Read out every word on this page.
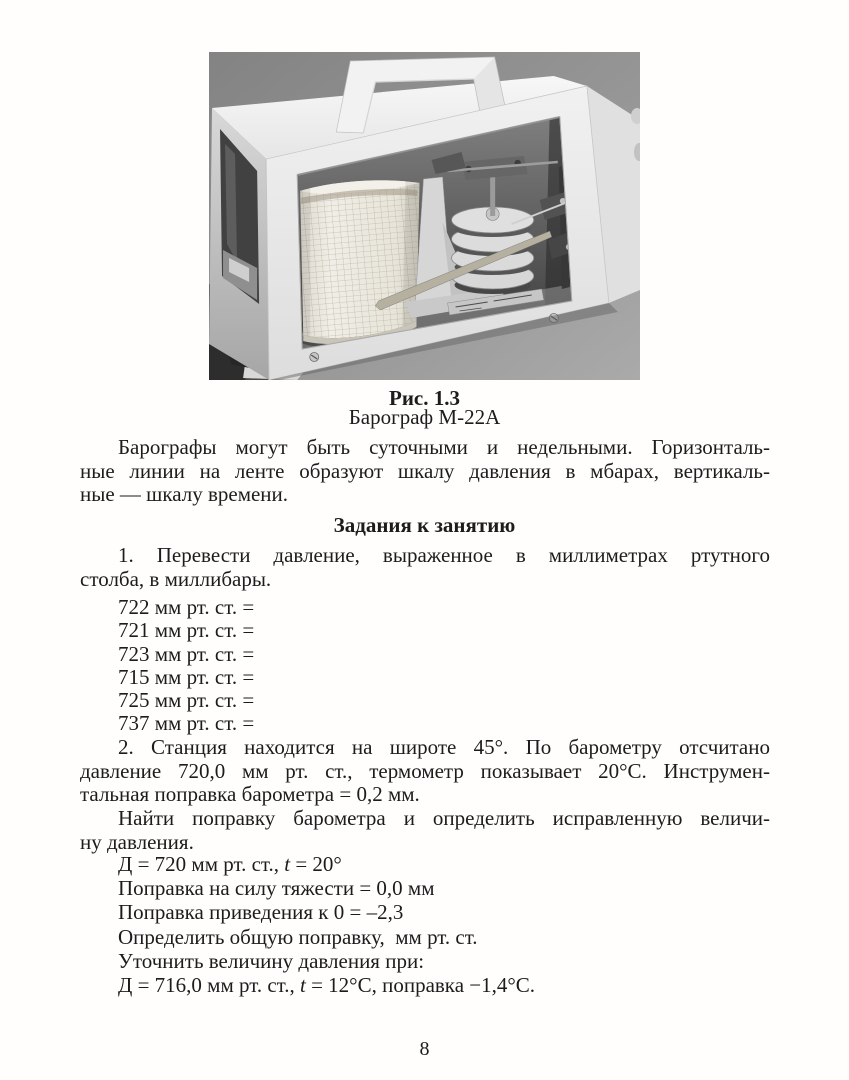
Рис. 1.3
Барограф М-22А
Барографы могут быть суточными и недельными. Горизонталь-
ные линии на ленте образуют шкалу давления в мбарах, вертикаль-
ные — шкалу времени.
Задания к занятию
1. Перевести давление, выраженное в миллиметрах ртутного
столба, в миллибары.
722 мм рт. ст. =
721 мм рт. ст. =
723 мм рт. ст. =
715 мм рт. ст. =
725 мм рт. ст. =
737 мм рт. ст. =
2. Станция находится на широте 45°. По барометру отсчитано
давление 720,0 мм рт. ст., термометр показывает 20°С. Инструмен-
тальная поправка барометра = 0,2 мм.
Найти поправку барометра и определить исправленную величи-
ну давления.
Д = 720 мм рт. ст., t = 20°
Поправка на силу тяжести = 0,0 мм
Поправка приведения к 0 = –2,3
Определить общую поправку,  мм рт. ст.
Уточнить величину давления при:
Д = 716,0 мм рт. ст., t = 12°С, поправка −1,4°С.
8
